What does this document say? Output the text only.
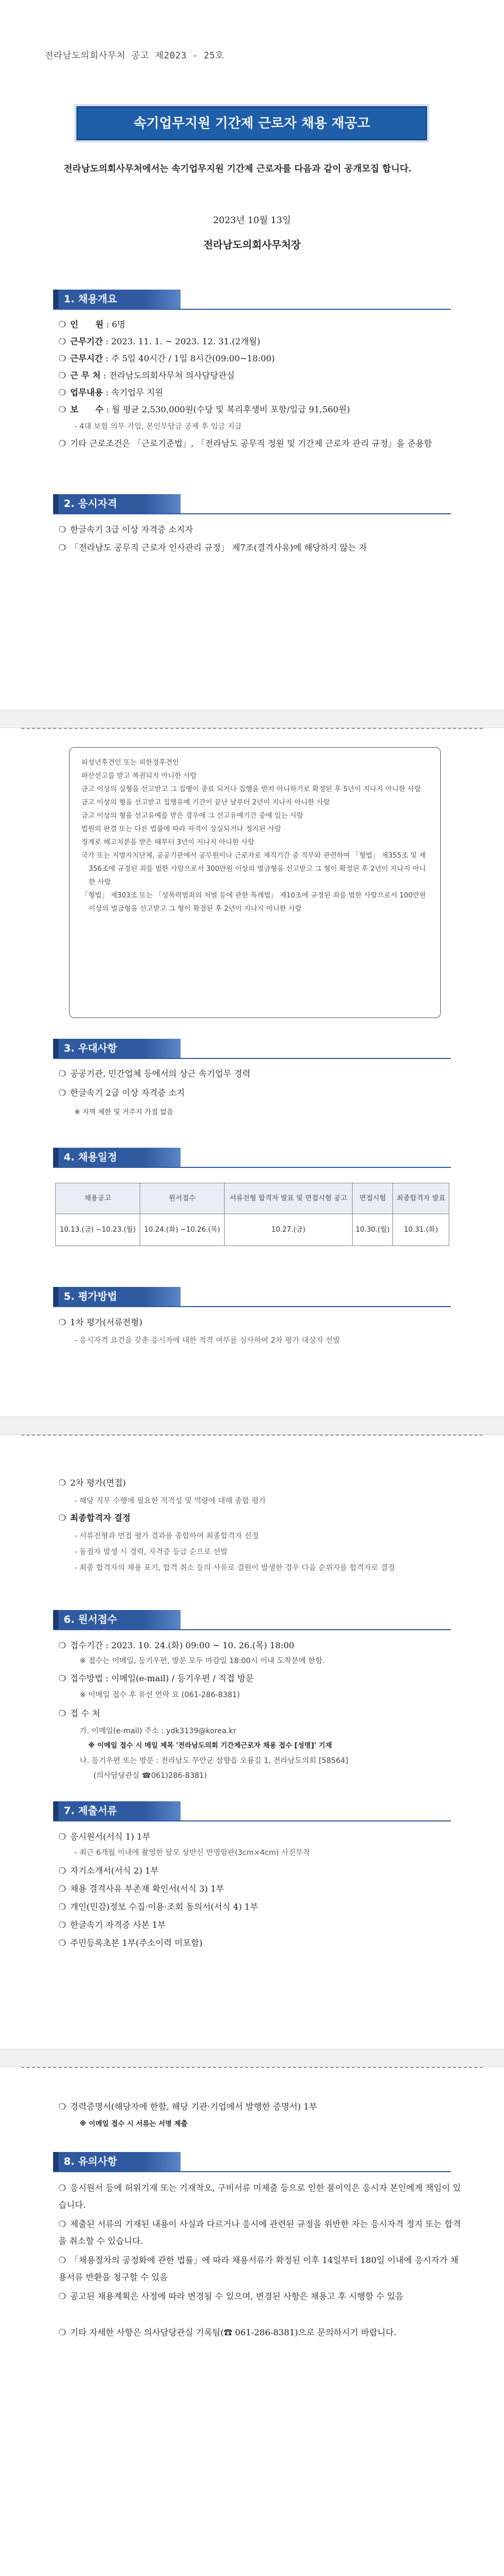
전라남도의회사무처 공고 제2023 - 25호
속기업무지원 기간제 근로자 채용 재공고
전라남도의회사무처에서는 속기업무지원 기간제 근로자를 다음과 같이 공개모집 합니다.
2023년 10월 13일
전라남도의회사무처장
1. 채용개요
❍ 인　　원 : 6명
❍ 근무기간 : 2023. 11. 1. ~ 2023. 12. 31.(2개월)
❍ 근무시간 : 주 5일 40시간 / 1일 8시간(09:00~18:00)
❍ 근 무 처 : 전라남도의회사무처 의사담당관실
❍ 업무내용 : 속기업무 지원
❍ 보　　수 : 월 평균 2,530,000원(수당 및 복리후생비 포함/일급 91,560원)
- 4대 보험 의무 가입, 본인부담금 공제 후 임금 지급
❍ 기타 근로조건은 「근로기준법」, 「전라남도 공무직 정원 및 기간제 근로자 관리 규정」을 준용함
2. 응시자격
❍ 한글속기 3급 이상 자격증 소지자
❍ 「전라남도 공무직 근로자 인사관리 규정」 제7조(결격사유)에 해당하지 않는 자
피성년후견인 또는 피한정후견인
파산선고를 받고 복권되지 아니한 사람
금고 이상의 실형을 선고받고 그 집행이 종료 되거나 집행을 받지 아니하기로 확정된 후 5년이 지나지 아니한 사람
금고 이상의 형을 선고받고 집행유예 기간이 끝난 날부터 2년이 지나지 아니한 사람
금고 이상의 형을 선고유예를 받은 경우에 그 선고유예기간 중에 있는 사람
법원의 판결 또는 다른 법률에 따라 자격이 상실되거나 정지된 사람
징계로 해고처분을 받은 때부터 3년이 지나지 아니한 사람
국가 또는 지방자치단체, 공공기관에서 공무원이나 근로자로 재직기간 중 직무와 관련하여 「형법」 제355조 및 제356조에 규정된 죄를 범한 사람으로서 300만원 이상의 벌금형을 선고받고 그 형이 확정된 후 2년이 지나지 아니한 사람
「형법」 제303조 또는 「성폭력범죄의 처벌 등에 관한 특례법」 제10조에 규정된 죄를 범한 사람으로서 100만원 이상의 벌금형을 선고받고 그 형이 확정된 후 2년이 지나지 아니한 사람
3. 우대사항
❍ 공공기관, 민간업체 등에서의 상근 속기업무 경력
❍ 한글속기 2급 이상 자격증 소지
※ 지역 제한 및 거주지 가점 없음
4. 채용일정
채용공고	원서접수	서류전형 합격자 발표 및 면접시험 공고	면접시험	최종합격자 발표
10.13.(금) ~10.23.(월)	10.24.(화) ~10.26.(목)	10.27.(금)	10.30.(월)	10.31.(화)
5. 평가방법
❍ 1차 평가(서류전형)
- 응시자격 요건을 갖춘 응시자에 대한 적격 여부를 심사하여 2차 평가 대상자 선발
❍ 2차 평가(면접)
- 해당 직무 수행에 필요한 적격성 및 역량에 대해 종합 평가
❍ 최종합격자 결정
- 서류전형과 면접 평가 결과를 종합하여 최종합격자 선정
- 동점자 발생 시 경력, 자격증 등급 순으로 선발
- 최종 합격자의 채용 포기, 합격 취소 등의 사유로 결원이 발생한 경우 다음 순위자를 합격자로 결정
6. 원서접수
❍ 접수기간 : 2023. 10. 24.(화) 09:00 ~ 10. 26.(목) 18:00
※ 접수는 이메일, 등기우편, 방문 모두 마감일 18:00시 이내 도착분에 한함.
❍ 접수방법 : 이메일(e-mail) / 등기우편 / 직접 방문
※ 이메일 접수 후 유선 연락 요 (061-286-8381)
❍ 접 수 처
가. 이메일(e-mail) 주소 : ydk3139@korea.kr
※ 이메일 접수 시 메일 제목 '전라남도의회 기간제근로자 채용 접수 [성명]' 기재
나. 등기우편 또는 방문 : 전라남도 무안군 삼향읍 오룡길 1, 전라남도의회 [58564]
(의사담당관실 ☎061)286-8381)
7. 제출서류
❍ 응시원서(서식 1) 1부
- 최근 6개월 이내에 촬영한 탈모 상반신 반명함판(3cm×4cm) 사진부착
❍ 자기소개서(서식 2) 1부
❍ 채용 결격사유 부존재 확인서(서식 3) 1부
❍ 개인(민감)정보 수집·이용·조회 동의서(서식 4) 1부
❍ 한글속기 자격증 사본 1부
❍ 주민등록초본 1부(주소이력 미포함)
❍ 경력증명서(해당자에 한함, 해당 기관·기업에서 발행한 증명서) 1부
※ 이메일 접수 시 서류는 서명 제출
8. 유의사항
❍ 응시원서 등에 허위기재 또는 기재착오, 구비서류 미제출 등으로 인한 불이익은 응시자 본인에게 책임이 있습니다.
❍ 제출된 서류의 기재된 내용이 사실과 다르거나 응시에 관련된 규정을 위반한 자는 응시자격 정지 또는 합격을 취소할 수 있습니다.
❍ 「채용절차의 공정화에 관한 법률」에 따라 채용서류가 확정된 이후 14일부터 180일 이내에 응시자가 채용서류 반환을 청구할 수 있음
❍ 공고된 채용계획은 사정에 따라 변경될 수 있으며, 변경된 사항은 채용고 후 시행할 수 있음
❍ 기타 자세한 사항은 의사담당관실 기록팀(☎ 061-286-8381)으로 문의하시기 바랍니다.
